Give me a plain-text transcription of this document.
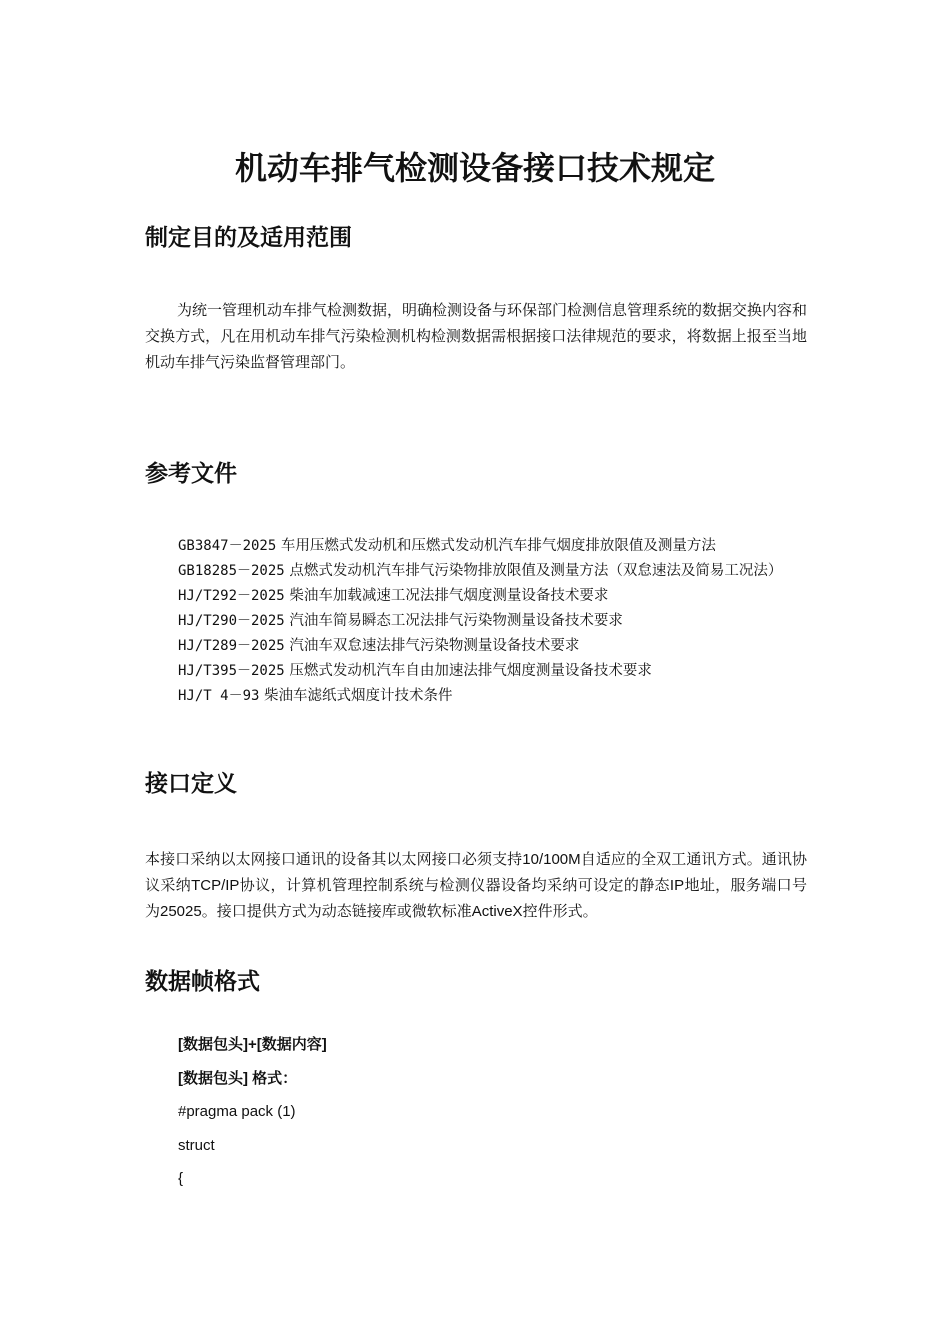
机动车排气检测设备接口技术规定
制定目的及适用范围

为统一管理机动车排气检测数据，明确检测设备与环保部门检测信息管理系统的数据交换内容和交换方式，凡在用机动车排气污染检测机构检测数据需根据接口法律规范的要求，将数据上报至当地机动车排气污染监督管理部门。

参考文件
GB3847－2025 车用压燃式发动机和压燃式发动机汽车排气烟度排放限值及测量方法
GB18285－2025 点燃式发动机汽车排气污染物排放限值及测量方法（双怠速法及简易工况法）
HJ/T292－2025 柴油车加载减速工况法排气烟度测量设备技术要求
HJ/T290－2025 汽油车简易瞬态工况法排气污染物测量设备技术要求
HJ/T289－2025 汽油车双怠速法排气污染物测量设备技术要求
HJ/T395－2025 压燃式发动机汽车自由加速法排气烟度测量设备技术要求
HJ/T 4－93 柴油车滤纸式烟度计技术条件
接口定义

本接口采纳以太网接口通讯的设备其以太网接口必须支持10/100M自适应的全双工通讯方式。通讯协议采纳TCP/IP协议，计算机管理控制系统与检测仪器设备均采纳可设定的静态IP地址，服务端口号为25025。接口提供方式为动态链接库或微软标准ActiveX控件形式。

数据帧格式
[数据包头]+[数据内容]
[数据包头] 格式：
#pragma pack (1)
struct
{
